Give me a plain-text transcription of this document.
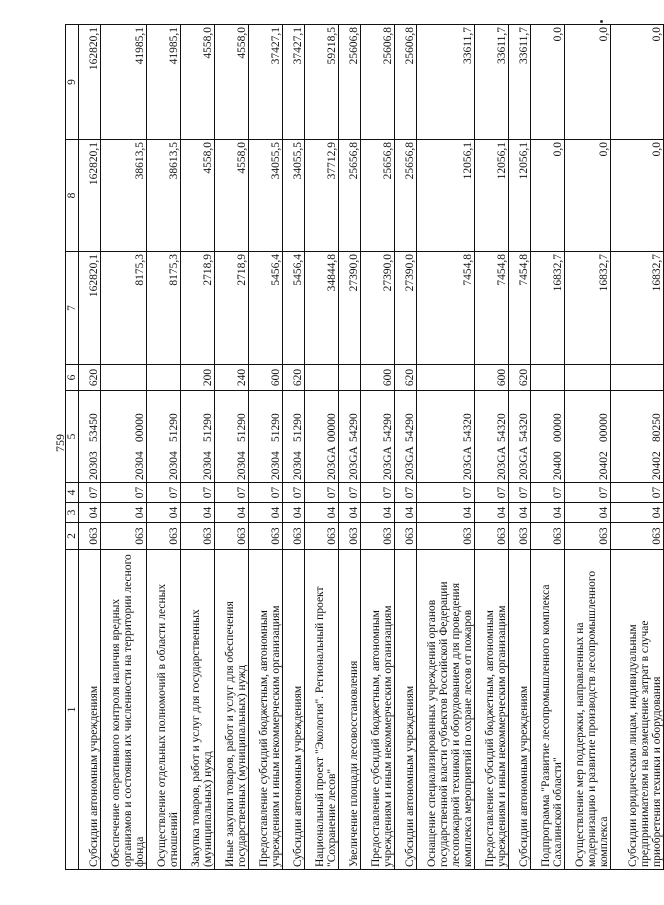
759
1	2	3	4	5	6	7	8	9
Субсидии автономным учреждениям	063	04	07	2030353450	620	162820,1	162820,1	162820,1
Обеспечение оперативного контроля наличия вредных организмов и состояния их численности на территории лесного фонда	063	04	07	2030400000		8175,3	38613,5	41985,1
Осуществление отдельных полномочий в области лесных отношений	063	04	07	2030451290		8175,3	38613,5	41985,1
Закупка товаров, работ и услуг для государственных (муниципальных) нужд	063	04	07	2030451290	200	2718,9	4558,0	4558,0
Иные закупки товаров, работ и услуг для обеспечения государственных (муниципальных) нужд	063	04	07	2030451290	240	2718,9	4558,0	4558,0
Предоставление субсидий бюджетным, автономным учреждениям и иным некоммерческим организациям	063	04	07	2030451290	600	5456,4	34055,5	37427,1
Субсидии автономным учреждениям	063	04	07	2030451290	620	5456,4	34055,5	37427,1
Национальный проект "Экология". Региональный проект "Сохранение лесов"	063	04	07	203GA00000		34844,8	37712,9	59218,5
Увеличение площади лесовосстановления	063	04	07	203GA54290		27390,0	25656,8	25606,8
Предоставление субсидий бюджетным, автономным учреждениям и иным некоммерческим организациям	063	04	07	203GA54290	600	27390,0	25656,8	25606,8
Субсидии автономным учреждениям	063	04	07	203GA54290	620	27390,0	25656,8	25606,8
Оснащение специализированных учреждений органов государственной власти субъектов Российской Федерации лесопожарной техникой и оборудованием для проведения комплекса мероприятий по охране лесов от пожаров	063	04	07	203GA54320		7454,8	12056,1	33611,7
Предоставление субсидий бюджетным, автономным учреждениям и иным некоммерческим организациям	063	04	07	203GA54320	600	7454,8	12056,1	33611,7
Субсидии автономным учреждениям	063	04	07	203GA54320	620	7454,8	12056,1	33611,7
Подпрограмма "Развитие лесопромышленного комплекса Сахалинской области"	063	04	07	2040000000		16832,7	0,0	0,0
Осуществление мер поддержки, направленных на модернизацию и развитие производств лесопромышленного комплекса	063	04	07	2040200000		16832,7	0,0	0,0
Субсидии юридическим лицам, индивидуальным предпринимателям на возмещение затрат в случае приобретения техники и оборудования	063	04	07	2040280250		16832,7	0,0	0,0
